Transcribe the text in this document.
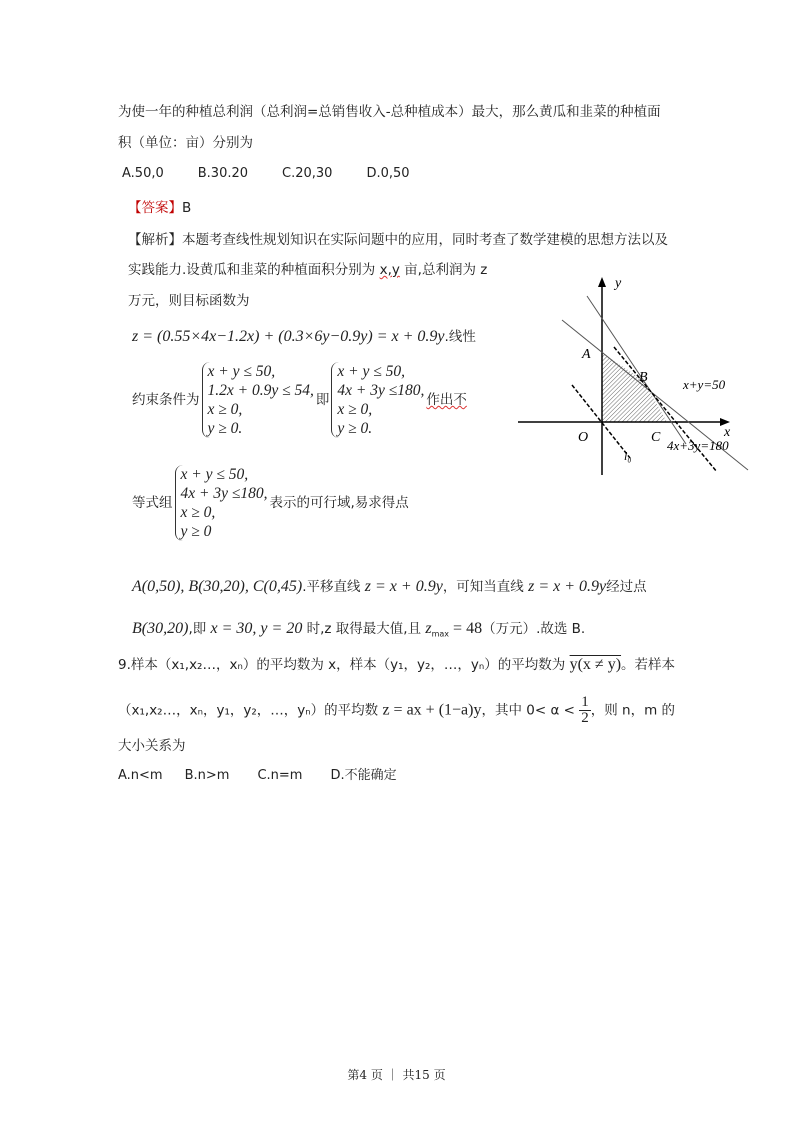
为使一年的种植总利润（总利润=总销售收入-总种植成本）最大，那么黄瓜和韭菜的种植面
积（单位：亩）分别为
A.50,0	B.30.20	C.20,30	D.0,50
【答案】B
【解析】本题考查线性规划知识在实际问题中的应用，同时考查了数学建模的思想方法以及
实践能力.设黄瓜和韭菜的种植面积分别为 x,y 亩,总利润为 z
万元，则目标函数为
z = (0.55×4x−1.2x) + (0.3×6y−0.9y) = x + 0.9y.线性
约束条件为
x + y ≤ 50,
1.2x + 0.9y ≤ 54,
x ≥ 0,
y ≥ 0.
即
x + y ≤ 50,
4x + 3y ≤180,
x ≥ 0,
y ≥ 0.
作出不
等式组
x + y ≤ 50,
4x + 3y ≤180,
x ≥ 0,
y ≥ 0
表示的可行域,易求得点
A(0,50), B(30,20), C(0,45).平移直线 z = x + 0.9y，可知当直线 z = x + 0.9y经过点
B(30,20),即 x = 30, y = 20 时,z 取得最大值,且 $z_{max} = 48$（万元）.故选 B.
9.样本（x₁,x₂…，xₙ）的平均数为 x，样本（y₁，y₂，…，yₙ）的平均数为 y(x ≠ y)。若样本
（x₁,x₂…，xₙ，y₁，y₂，…，yₙ）的平均数 z = ax + (1−a)y，其中 $0< \alpha < \frac{1}{2}$ ，则 n，m 的
大小关系为
A.n<m B.n>m C.n=m D.不能确定
y
x
A
B
C
O
l₀
x+y=50
4x+3y=180
第4 页 ｜ 共15 页
